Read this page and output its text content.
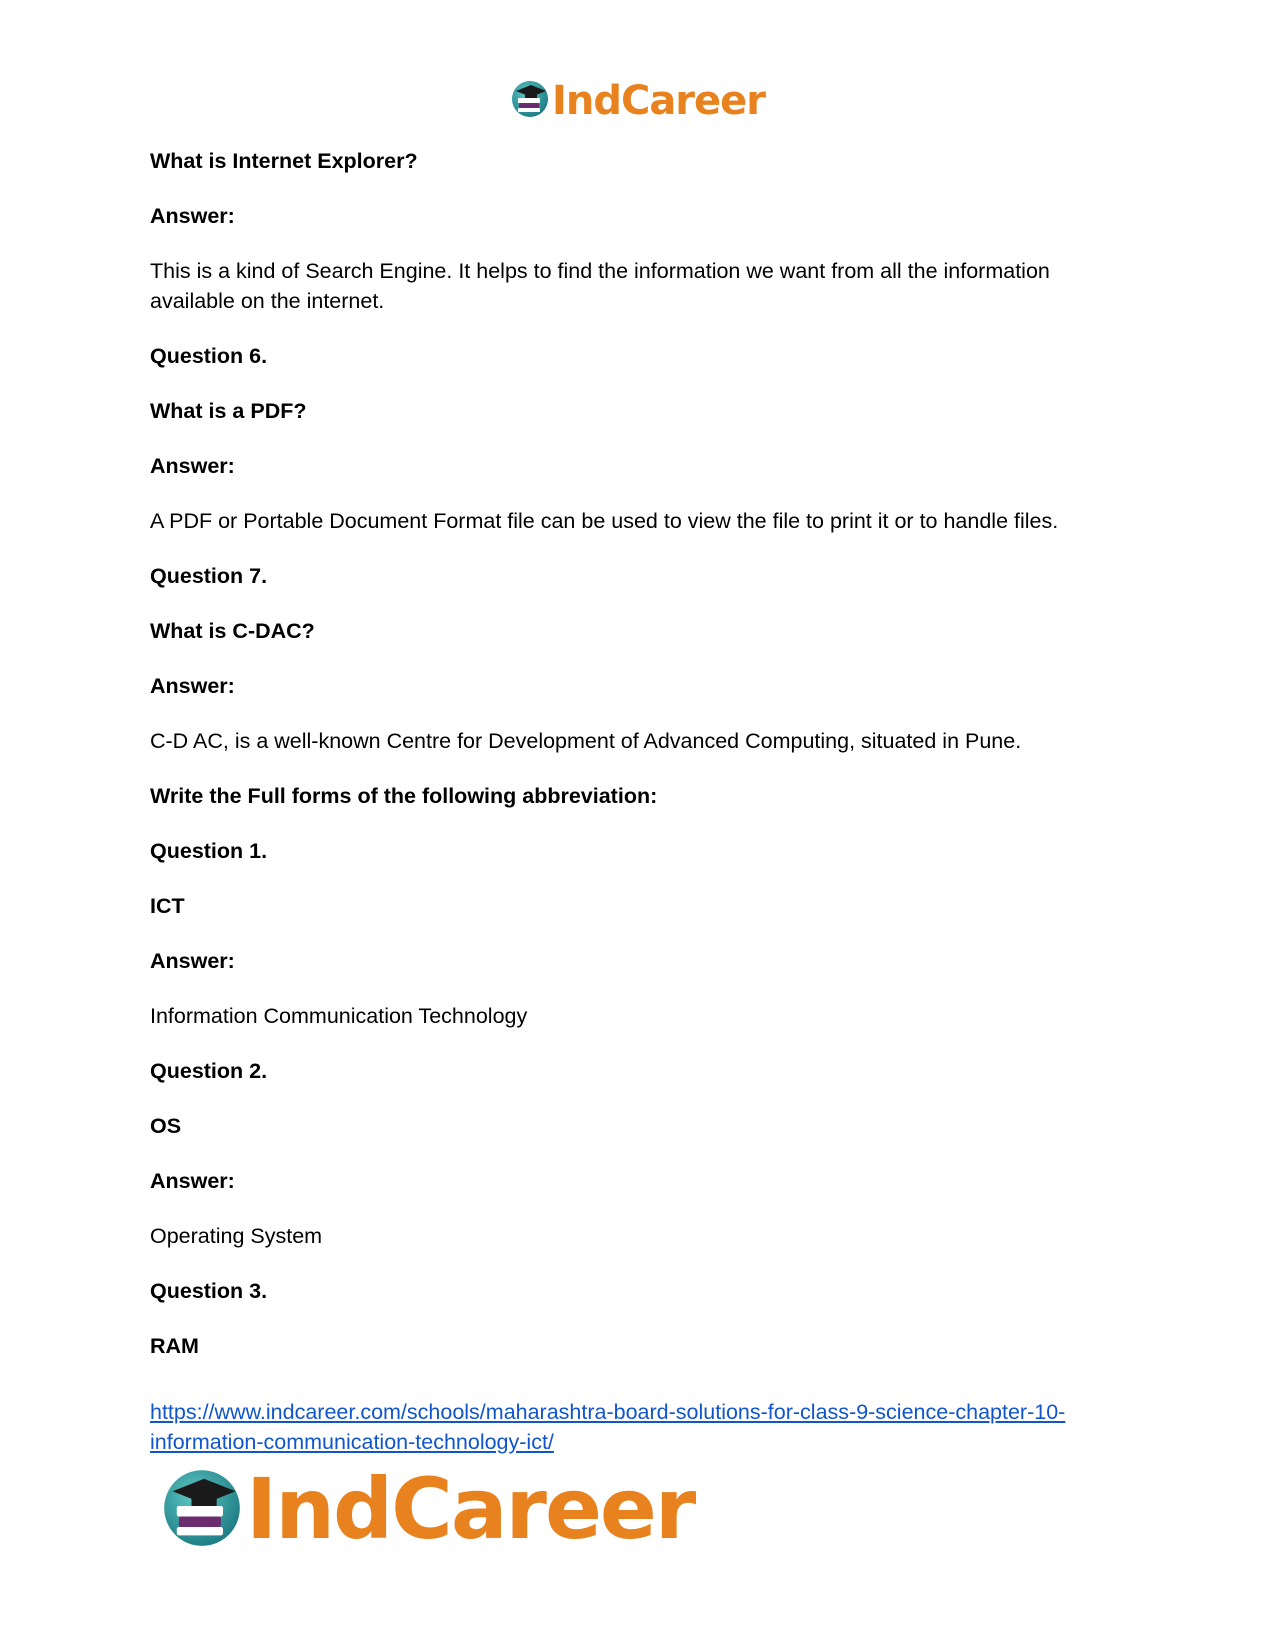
IndCareer

What is Internet Explorer?

Answer:

This is a kind of Search Engine. It helps to find the information we want from all the information available on the internet.

Question 6.

What is a PDF?

Answer:

A PDF or Portable Document Format file can be used to view the file to print it or to handle files.

Question 7.

What is C-DAC?

Answer:

C-D AC, is a well-known Centre for Development of Advanced Computing, situated in Pune.

Write the Full forms of the following abbreviation:

Question 1.

ICT

Answer:

Information Communication Technology

Question 2.

OS

Answer:

Operating System

Question 3.

RAM

https://www.indcareer.com/schools/maharashtra-board-solutions-for-class-9-science-chapter-10-information-communication-technology-ict/
IndCareer
